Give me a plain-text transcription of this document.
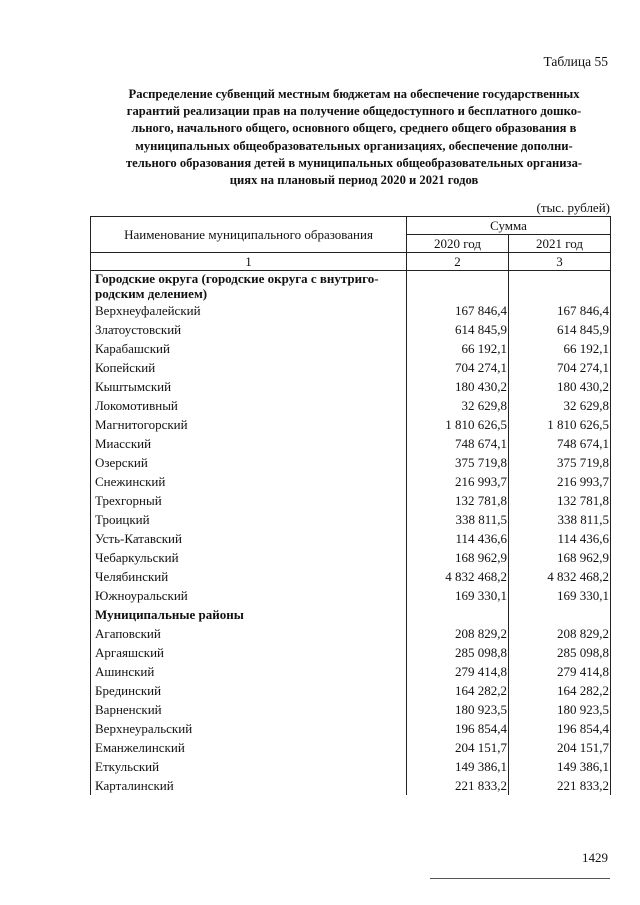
Таблица 55
Распределение субвенций местным бюджетам на обеспечение государственных
гарантий реализации прав на получение общедоступного и бесплатного дошко-
льного, начального общего, основного общего, среднего общего образования в
муниципальных общеобразовательных организациях, обеспечение дополни-
тельного образования детей в муниципальных общеобразовательных организа-
циях на плановый период 2020 и 2021 годов
(тыс. рублей)
Наименование муниципального образования	Сумма	
	2020 год	2021 год
1	2	3
Городские округа (городские округа с внутриго-родским делением)		
Верхнеуфалейский	167 846,4	167 846,4
Златоустовский	614 845,9	614 845,9
Карабашский	66 192,1	66 192,1
Копейский	704 274,1	704 274,1
Кыштымский	180 430,2	180 430,2
Локомотивный	32 629,8	32 629,8
Магнитогорский	1 810 626,5	1 810 626,5
Миасский	748 674,1	748 674,1
Озерский	375 719,8	375 719,8
Снежинский	216 993,7	216 993,7
Трехгорный	132 781,8	132 781,8
Троицкий	338 811,5	338 811,5
Усть-Катавский	114 436,6	114 436,6
Чебаркульский	168 962,9	168 962,9
Челябинский	4 832 468,2	4 832 468,2
Южноуральский	169 330,1	169 330,1
Муниципальные районы		
Агаповский	208 829,2	208 829,2
Аргаяшский	285 098,8	285 098,8
Ашинский	279 414,8	279 414,8
Брединский	164 282,2	164 282,2
Варненский	180 923,5	180 923,5
Верхнеуральский	196 854,4	196 854,4
Еманжелинский	204 151,7	204 151,7
Еткульский	149 386,1	149 386,1
Карталинский	221 833,2	221 833,2
1429
